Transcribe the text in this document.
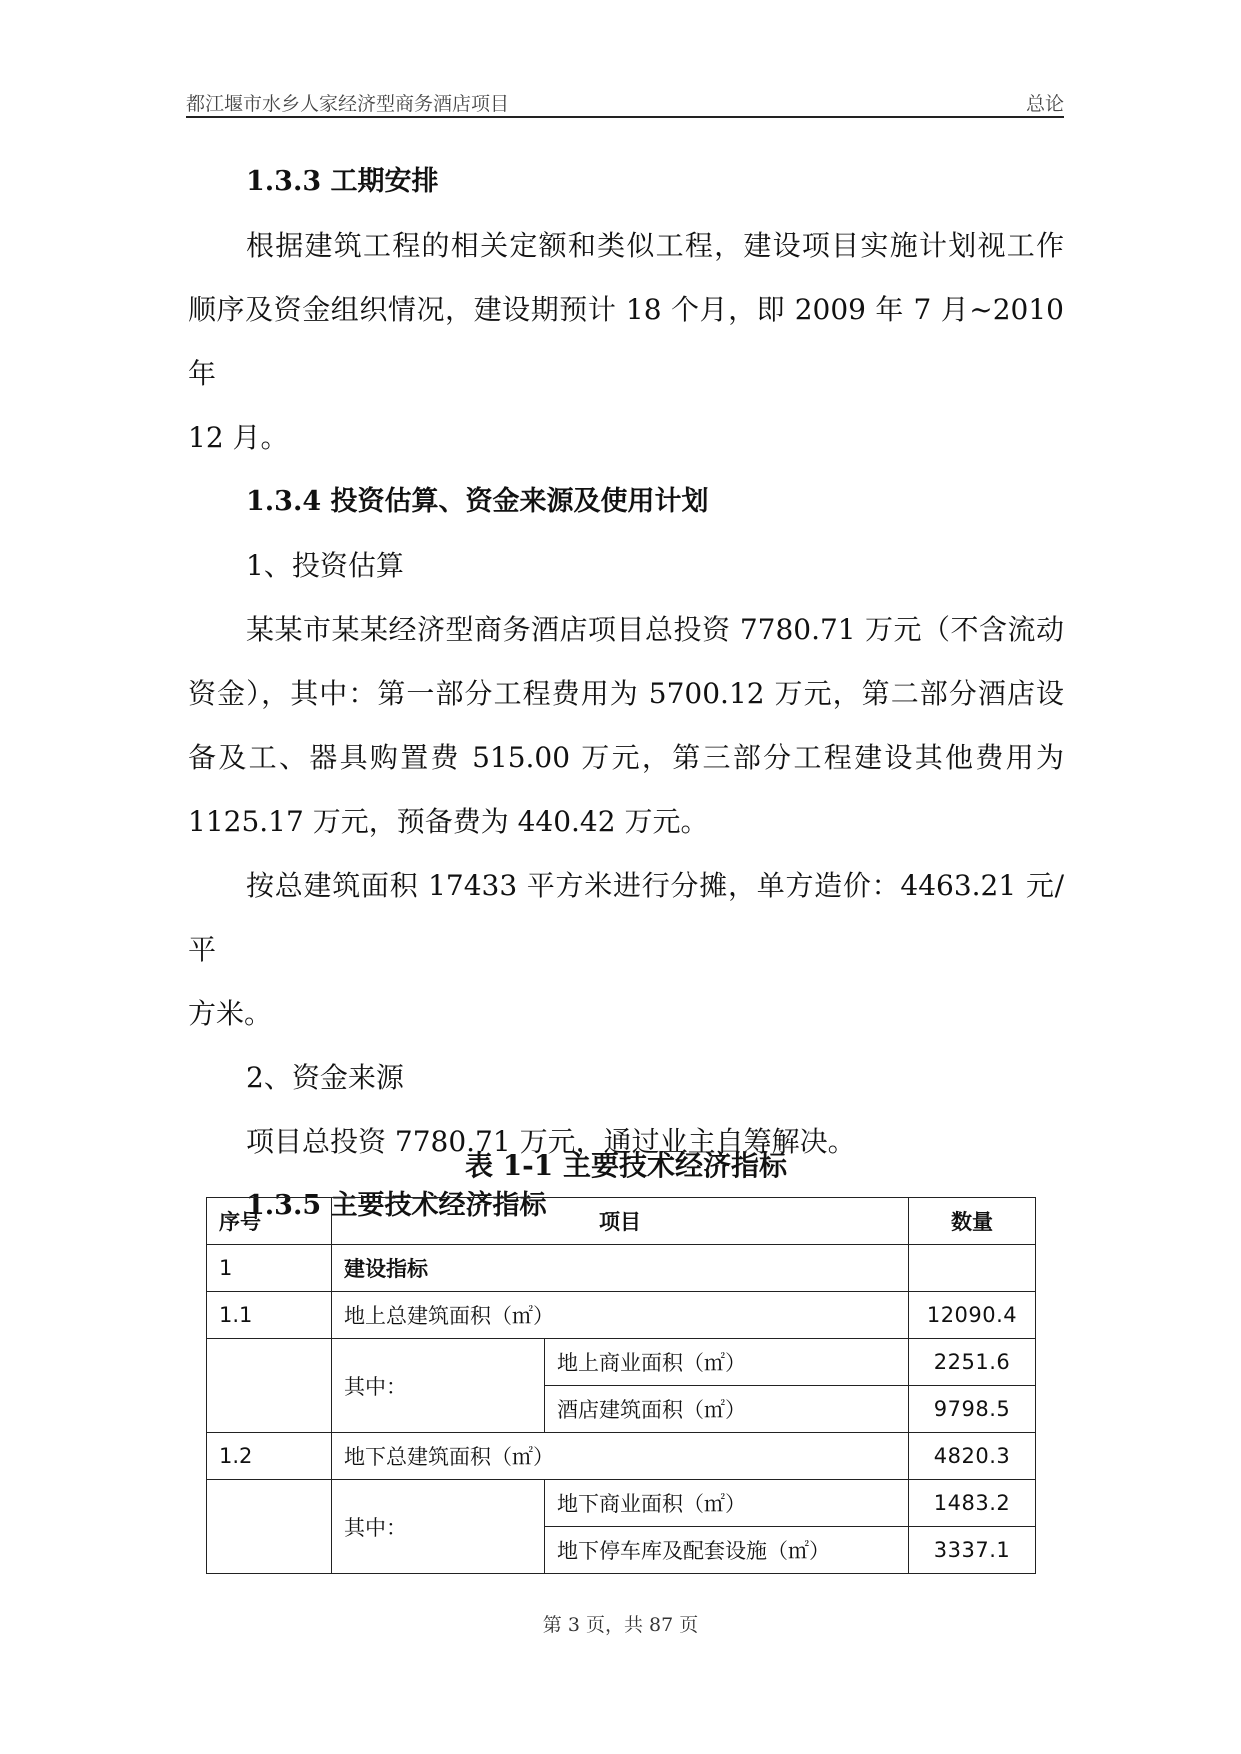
都江堰市水乡人家经济型商务酒店项目	总论

1.3.3 工期安排

根据建筑工程的相关定额和类似工程，建设项目实施计划视工作

顺序及资金组织情况，建设期预计 18 个月，即 2009 年 7 月~2010 年

12 月。

1.3.4 投资估算、资金来源及使用计划

1、投资估算

某某市某某经济型商务酒店项目总投资 7780.71 万元（不含流动

资金），其中：第一部分工程费用为 5700.12 万元，第二部分酒店设

备及工、器具购置费 515.00 万元，第三部分工程建设其他费用为

1125.17 万元，预备费为 440.42 万元。

按总建筑面积 17433 平方米进行分摊，单方造价：4463.21 元/平

方米。

2、资金来源

项目总投资 7780.71 万元，通过业主自筹解决。

1.3.5 主要技术经济指标

表 1-1 主要技术经济指标
序号	项目		数量
1	建设指标		
1.1	地上总建筑面积（㎡）		12090.4
	其中：	地上商业面积（㎡）	2251.6
		酒店建筑面积（㎡）	9798.5
1.2	地下总建筑面积（㎡）		4820.3
	其中：	地下商业面积（㎡）	1483.2
		地下停车库及配套设施（㎡）	3337.1
第 3 页，共 87 页
